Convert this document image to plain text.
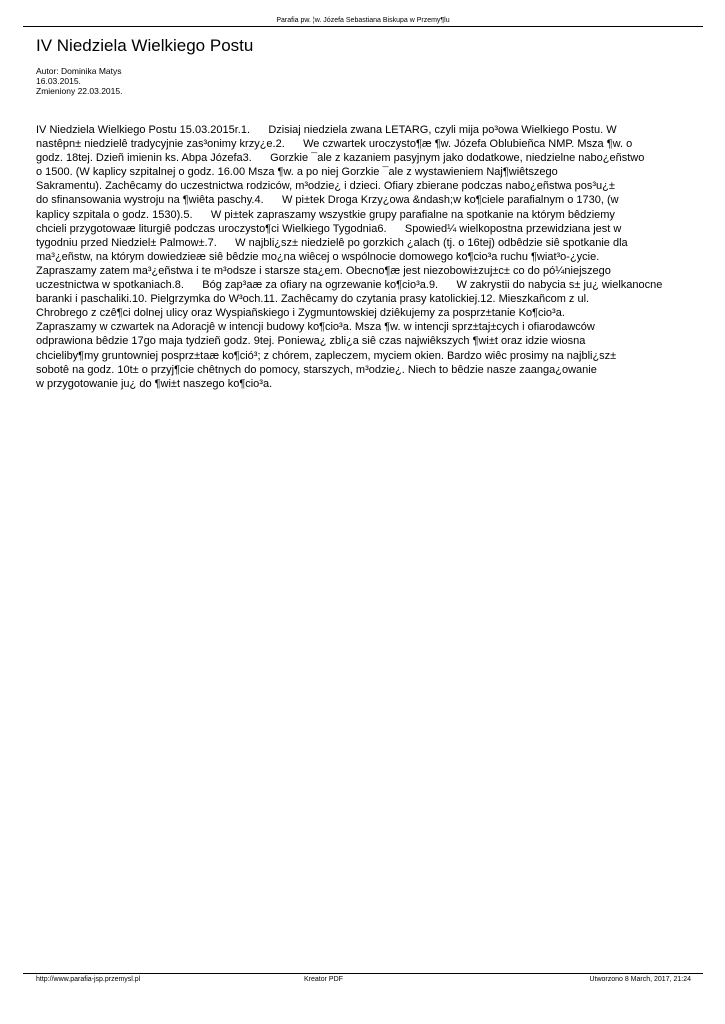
Parafia pw. ¦w. Józefa Sebastiana Biskupa w Przemy¶lu
IV Niedziela Wielkiego Postu
Autor: Dominika Matys
16.03.2015.
Zmieniony 22.03.2015.
IV Niedziela Wielkiego Postu 15.03.2015r.1.      Dzisiaj niedziela zwana LETARG, czyli mija po³owa Wielkiego Postu. W
nastêpn± niedzielê tradycyjnie zas³onimy krzy¿e.2.      We czwartek uroczysto¶æ ¶w. Józefa Oblubieñca NMP. Msza ¶w. o
godz. 18tej. Dzieñ imienin ks. Abpa Józefa3.      Gorzkie ¯ale z kazaniem pasyjnym jako dodatkowe, niedzielne nabo¿eñstwo
o 1500. (W kaplicy szpitalnej o godz. 16.00 Msza ¶w. a po niej Gorzkie ¯ale z wystawieniem Naj¶wiêtszego
Sakramentu). Zachêcamy do uczestnictwa rodziców, m³odzie¿ i dzieci. Ofiary zbierane podczas nabo¿eñstwa pos³u¿±
do sfinansowania wystroju na ¶wiêta paschy.4.      W pi±tek Droga Krzy¿owa &ndash;w ko¶ciele parafialnym o 1730, (w
kaplicy szpitala o godz. 1530).5.      W pi±tek zapraszamy wszystkie grupy parafialne na spotkanie na którym bêdziemy
chcieli przygotowaæ liturgiê podczas uroczysto¶ci Wielkiego Tygodnia6.      Spowied¼ wielkopostna przewidziana jest w
tygodniu przed Niedziel± Palmow±.7.      W najbli¿sz± niedzielê po gorzkich ¿alach (tj. o 16tej) odbêdzie siê spotkanie dla
ma³¿eñstw, na którym dowiedzieæ siê bêdzie mo¿na wiêcej o wspólnocie domowego ko¶cio³a ruchu ¶wiat³o-¿ycie.
Zapraszamy zatem ma³¿eñstwa i te m³odsze i starsze sta¿em. Obecno¶æ jest niezobowi±zuj±c± co do pó¼niejszego
uczestnictwa w spotkaniach.8.      Bóg zap³aæ za ofiary na ogrzewanie ko¶cio³a.9.      W zakrystii do nabycia s± ju¿ wielkanocne
baranki i paschaliki.10. Pielgrzymka do W³och.11. Zachêcamy do czytania prasy katolickiej.12. Mieszkañcom z ul.
Chrobrego z czê¶ci dolnej ulicy oraz Wyspiañskiego i Zygmuntowskiej dziêkujemy za posprz±tanie Ko¶cio³a.
Zapraszamy w czwartek na Adoracjê w intencji budowy ko¶cio³a. Msza ¶w. w intencji sprz±taj±cych i ofiarodawców
odprawiona bêdzie 17go maja tydzieñ godz. 9tej. Poniewa¿ zbli¿a siê czas najwiêkszych ¶wi±t oraz idzie wiosna
chcieliby¶my gruntowniej posprz±taæ ko¶ció³; z chórem, zapleczem, myciem okien. Bardzo wiêc prosimy na najbli¿sz±
sobotê na godz. 10t± o przyj¶cie chêtnych do pomocy, starszych, m³odzie¿. Niech to bêdzie nasze zaanga¿owanie
w przygotowanie ju¿ do ¶wi±t naszego ko¶cio³a.
http://www.parafia-jsp.przemysl.pl	Kreator PDF	Utworzono 8 March, 2017, 21:24
